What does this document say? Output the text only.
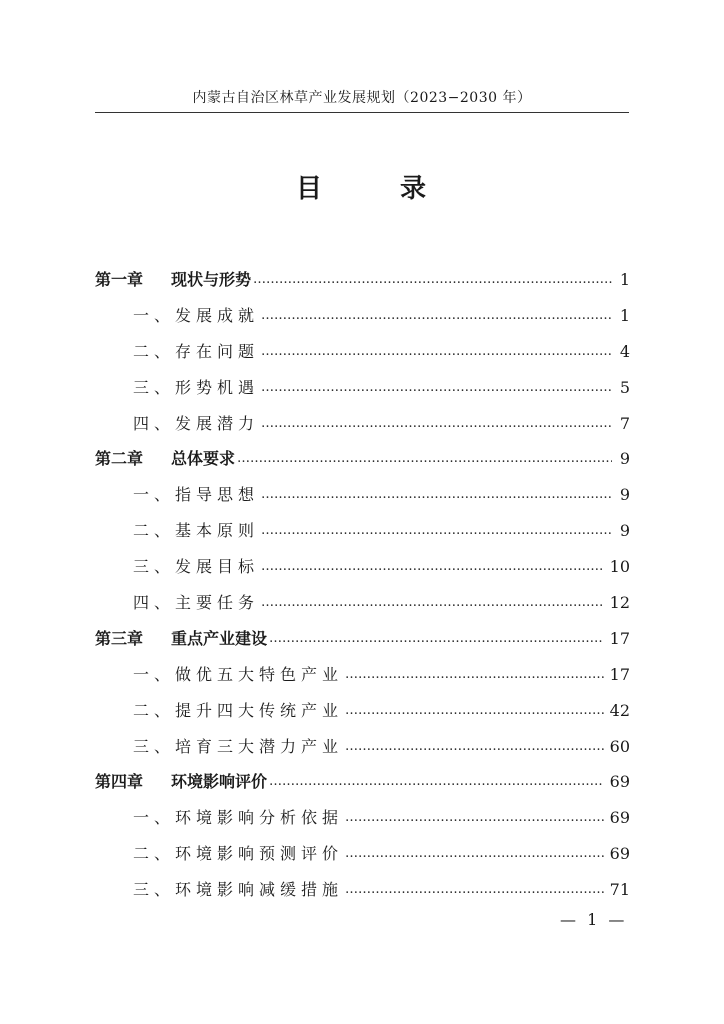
内蒙古自治区林草产业发展规划（2023−2030 年）
目	录
第一章 现状与形势 ……………………………………………………………………………………………………………………	1
一、发展成就 ……………………………………………………………………………………………………………………	1
二、存在问题 ……………………………………………………………………………………………………………………	4
三、形势机遇 ……………………………………………………………………………………………………………………	5
四、发展潜力 ……………………………………………………………………………………………………………………	7
第二章 总体要求 ……………………………………………………………………………………………………………………	9
一、指导思想 ……………………………………………………………………………………………………………………	9
二、基本原则 ……………………………………………………………………………………………………………………	9
三、发展目标 ……………………………………………………………………………………………………………………	10
四、主要任务 ……………………………………………………………………………………………………………………	12
第三章 重点产业建设 ……………………………………………………………………………………………………………………	17
一、做优五大特色产业 ……………………………………………………………………………………………………………………	17
二、提升四大传统产业 ……………………………………………………………………………………………………………………	42
三、培育三大潜力产业 ……………………………………………………………………………………………………………………	60
第四章 环境影响评价 ……………………………………………………………………………………………………………………	69
一、环境影响分析依据 ……………………………………………………………………………………………………………………	69
二、环境影响预测评价 ……………………………………………………………………………………………………………………	69
三、环境影响减缓措施 ……………………………………………………………………………………………………………………	71
— 1 —
